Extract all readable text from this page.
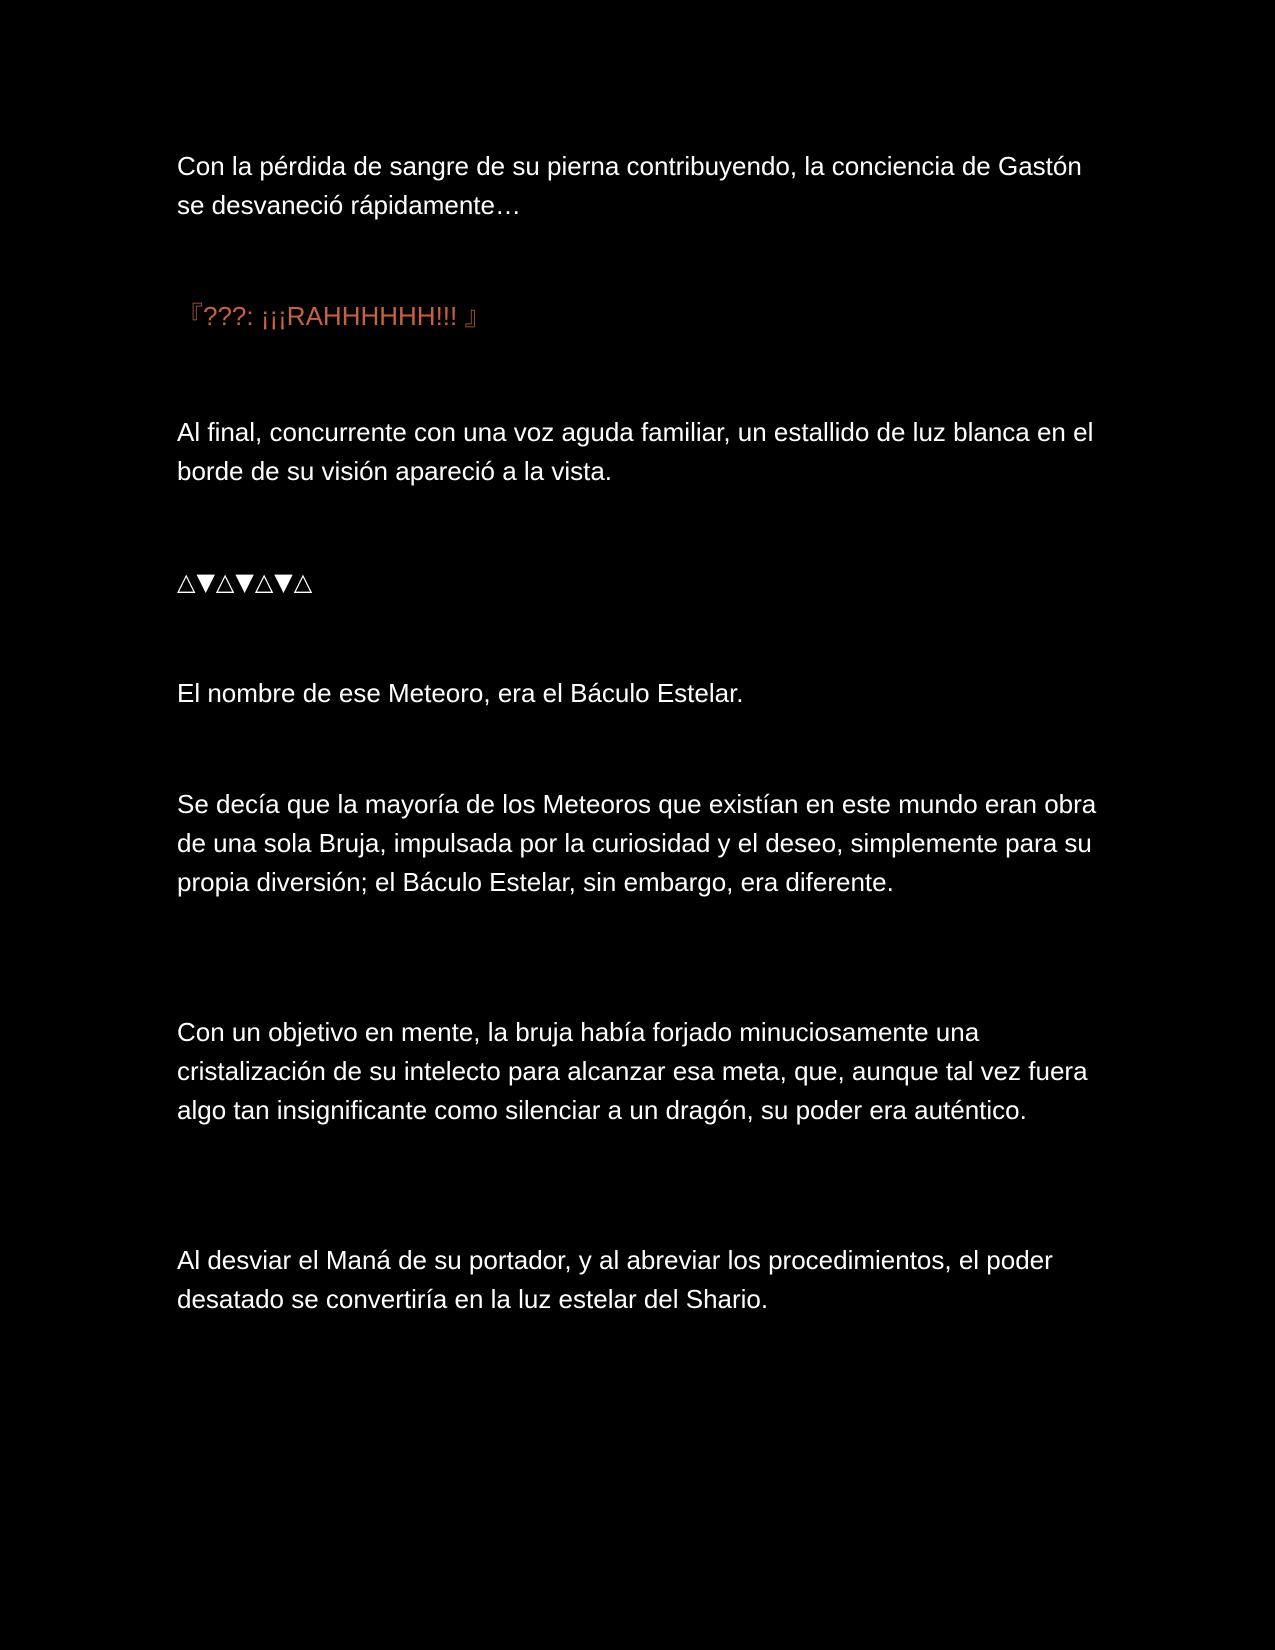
Con la pérdida de sangre de su pierna contribuyendo, la conciencia de Gastón se desvaneció rápidamente…

『???: ¡¡¡RAHHHHHH!!! 』

Al final, concurrente con una voz aguda familiar, un estallido de luz blanca en el borde de su visión apareció a la vista.

△▼△▼△▼△

El nombre de ese Meteoro, era el Báculo Estelar.

Se decía que la mayoría de los Meteoros que existían en este mundo eran obra de una sola Bruja, impulsada por la curiosidad y el deseo, simplemente para su propia diversión; el Báculo Estelar, sin embargo, era diferente.

Con un objetivo en mente, la bruja había forjado minuciosamente una cristalización de su intelecto para alcanzar esa meta, que, aunque tal vez fuera algo tan insignificante como silenciar a un dragón, su poder era auténtico.

Al desviar el Maná de su portador, y al abreviar los procedimientos, el poder desatado se convertiría en la luz estelar del Shario.
